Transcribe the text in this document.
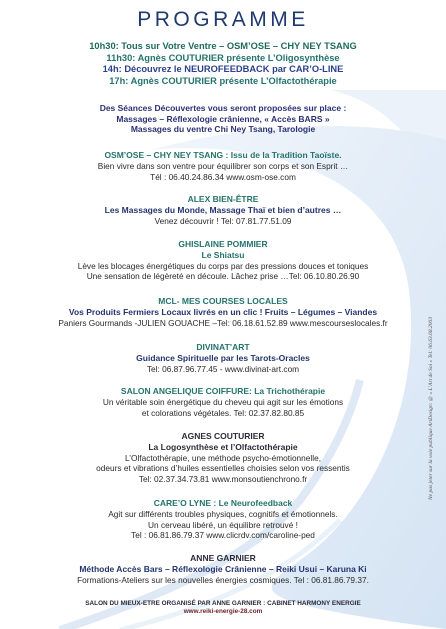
PROGRAMME
10h30: Tous sur Votre Ventre – OSM’OSE – CHY NEY TSANG
11h30: Agnès COUTURIER présente L’Oligosynthèse
14h: Découvrez le NEUROFEEDBACK par CAR’O-LINE
17h: Agnès COUTURIER présente L’Olfactothérapie
Des Séances Découvertes vous seront proposées sur place :
Massages – Réflexologie crânienne, « Accès BARS »
Massages du ventre Chi Ney Tsang, Tarologie
OSM’OSE – CHY NEY TSANG : Issu de la Tradition Taoïste.
Bien vivre dans son ventre pour équilibrer son corps et son Esprit …
Tél : 06.40.24.86.34 www.osm-ose.com
ALEX BIEN-ÊTRE
Les Massages du Monde, Massage Thaï et bien d’autres …
Venez découvrir ! Tel: 07.81.77.51.09
GHISLAINE POMMIER
Le Shiatsu
Lève les blocages énergétiques du corps par des pressions douces et toniques
Une sensation de légèreté en découle. Lâchez prise …Tel: 06.10.80.26.90
MCL- MES COURSES LOCALES
Vos Produits Fermiers Locaux livrés en un clic ! Fruits – Légumes – Viandes
Paniers Gourmands -JULIEN GOUACHE –Tel: 06.18.61.52.89 www.mescourseslocales.fr
DIVINAT’ART
Guidance Spirituelle par les Tarots-Oracles
Tel: 06.87.96.77.45 - www.divinat-art.com
SALON ANGELIQUE COIFFURE: La Trichothérapie
Un véritable soin énergétique du cheveu qui agit sur les émotions
et colorations végétales. Tel: 02.37.82.80.85
AGNES COUTURIER
La Logosynthèse et l’Olfactothérapie
L’Olfactothérapie, une méthode psycho-émotionnelle,
odeurs et vibrations d’huiles essentielles choisies selon vos ressentis
Tel: 02.37.34.73.81 www.monsoutienchrono.fr
CARE’O LYNE : Le Neurofeedback
Agit sur différents troubles physiques, cognitifs et émotionnels.
Un cerveau libéré, un équilibre retrouvé !
Tel : 06.81.86.79.37 www.clicrdv.com/caroline-ped
ANNE GARNIER
Méthode Accès Bars – Réflexologie Crânienne – Reiki Usui – Karuna Ki
Formations-Ateliers sur les nouvelles énergies cosmiques. Tel : 06.81.86.79.37.
SALON DU MIEUX-ETRE ORGANISÉ PAR ANNE GARNIER : CABINET HARMONY ENERGIE
www.reiki-energie-28.com
Ne pas jeter sur la voie publique ArtDesign: @ « L’Art de Soi » Tel: 06.63.68.2003
